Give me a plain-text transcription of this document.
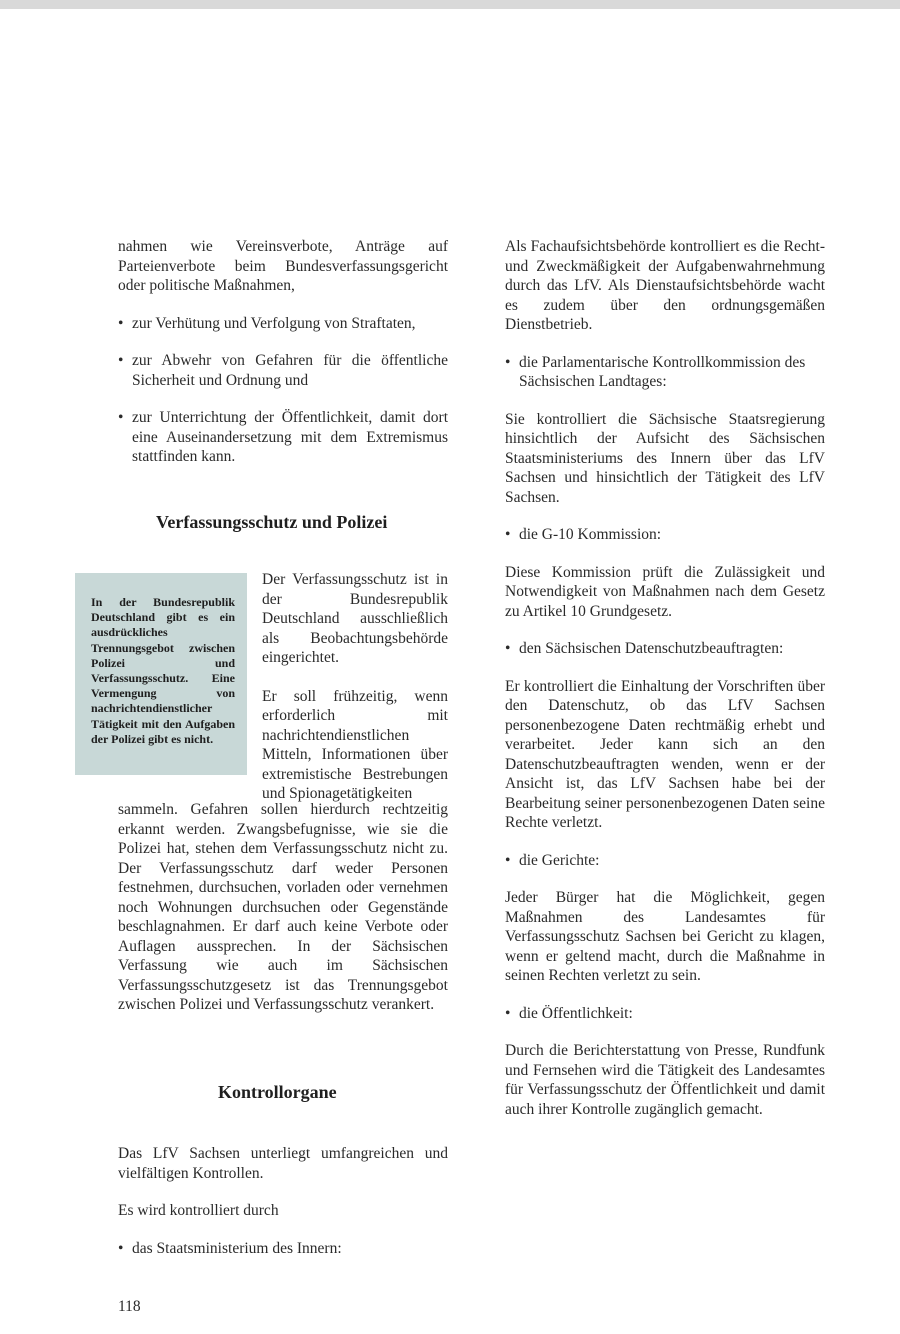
nahmen wie Vereinsverbote, Anträge auf Parteienverbote beim Bundesverfassungsgericht oder politische Maßnahmen,

• zur Verhütung und Verfolgung von Straftaten,

• zur Abwehr von Gefahren für die öffentliche Sicherheit und Ordnung und

• zur Unterrichtung der Öffentlichkeit, damit dort eine Auseinandersetzung mit dem Extremismus stattfinden kann.

Verfassungsschutz und Polizei
In der Bundesrepublik Deutschland gibt es ein ausdrückliches Trennungsgebot zwischen Polizei und Verfassungsschutz. Eine Vermengung von nachrichtendienstlicher Tätigkeit mit den Aufgaben der Polizei gibt es nicht.

Der Verfassungsschutz ist in der Bundesrepublik Deutschland ausschließlich als Beobachtungsbehörde eingerichtet.

Er soll frühzeitig, wenn erforderlich mit nachrichtendienstlichen Mitteln, Informationen über extremistische Bestrebungen und Spionagetätigkeiten

sammeln. Gefahren sollen hierdurch rechtzeitig erkannt werden. Zwangsbefugnisse, wie sie die Polizei hat, stehen dem Verfassungsschutz nicht zu. Der Verfassungsschutz darf weder Personen festnehmen, durchsuchen, vorladen oder vernehmen noch Wohnungen durchsuchen oder Gegenstände beschlagnahmen. Er darf auch keine Verbote oder Auflagen aussprechen. In der Sächsischen Verfassung wie auch im Sächsischen Verfassungsschutzgesetz ist das Trennungsgebot zwischen Polizei und Verfassungsschutz verankert.

Kontrollorgane

Das LfV Sachsen unterliegt umfangreichen und vielfältigen Kontrollen.

Es wird kontrolliert durch

• das Staatsministerium des Innern:

Als Fachaufsichtsbehörde kontrolliert es die Recht- und Zweckmäßigkeit der Aufgabenwahrnehmung durch das LfV. Als Dienstaufsichtsbehörde wacht es zudem über den ordnungsgemäßen Dienstbetrieb.

• die Parlamentarische Kontrollkommission des Sächsischen Landtages:

Sie kontrolliert die Sächsische Staatsregierung hinsichtlich der Aufsicht des Sächsischen Staatsministeriums des Innern über das LfV Sachsen und hinsichtlich der Tätigkeit des LfV Sachsen.

• die G-10 Kommission:

Diese Kommission prüft die Zulässigkeit und Notwendigkeit von Maßnahmen nach dem Gesetz zu Artikel 10 Grundgesetz.

• den Sächsischen Datenschutzbeauftragten:

Er kontrolliert die Einhaltung der Vorschriften über den Datenschutz, ob das LfV Sachsen personenbezogene Daten rechtmäßig erhebt und verarbeitet. Jeder kann sich an den Datenschutzbeauftragten wenden, wenn er der Ansicht ist, das LfV Sachsen habe bei der Bearbeitung seiner personenbezogenen Daten seine Rechte verletzt.

• die Gerichte:

Jeder Bürger hat die Möglichkeit, gegen Maßnahmen des Landesamtes für Verfassungsschutz Sachsen bei Gericht zu klagen, wenn er geltend macht, durch die Maßnahme in seinen Rechten verletzt zu sein.

• die Öffentlichkeit:

Durch die Berichterstattung von Presse, Rundfunk und Fernsehen wird die Tätigkeit des Landesamtes für Verfassungsschutz der Öffentlichkeit und damit auch ihrer Kontrolle zugänglich gemacht.

118
